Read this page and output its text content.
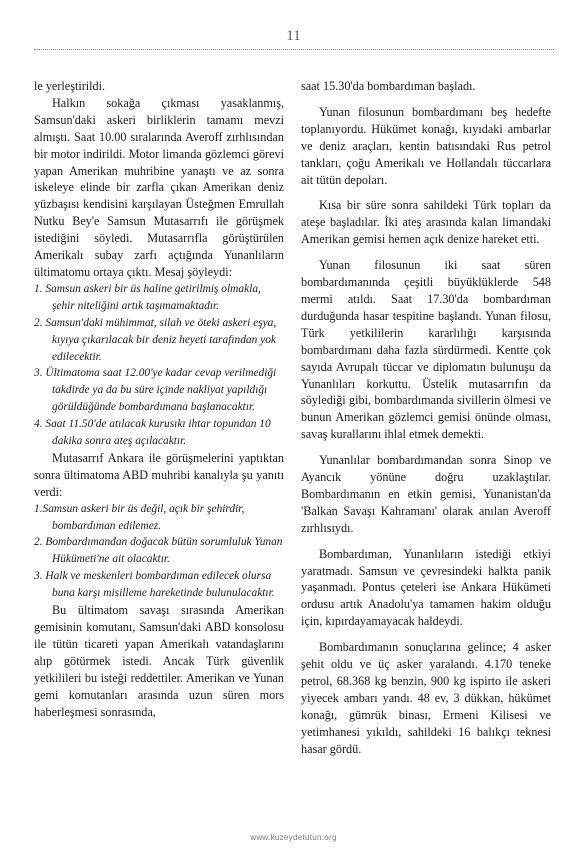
11

le yerleştirildi.

Halkın sokağa çıkması yasaklanmış, Samsun'daki askeri birliklerin tamamı mevzi almıştı. Saat 10.00 sıralarında Averoff zırhlısından bir motor indirildi. Motor limanda gözlemci görevi yapan Amerikan muhribine yanaştı ve az sonra iskeleye elinde bir zarfla çıkan Amerikan deniz yüzbaşısı kendisini karşılayan Üsteğmen Emrullah Nutku Bey'e Samsun Mutasarrıfı ile görüşmek istediğini söyledi. Mutasarrıfla görüştürülen Amerikalı subay zarfı açtığında Yunanlıların ültimatomu ortaya çıktı. Mesaj şöyleydi:

1. Samsun askeri bir üs haline getirilmiş olmakla, şehir niteliğini artık taşımamaktadır.
2. Samsun'daki mühimmat, silah ve öteki askeri eşya, kıyıya çıkarılacak bir deniz heyeti tarafından yok edilecektir.
3. Ültimatoma saat 12.00'ye kadar cevap verilmediği takdirde ya da bu süre içinde nakliyat yapıldığı görüldüğünde bombardımana başlanacaktır.
4. Saat 11.50'de atılacak kurusıkı ihtar topundan 10 dakika sonra ateş açılacaktır.

Mutasarrıf Ankara ile görüşmelerini yaptıktan sonra ültimatoma ABD muhribi kanalıyla şu yanıtı verdi:

1.Samsun askeri bir üs değil, açık bir şehirdir, bombardıman edilemez.
2. Bombardımandan doğacak bütün sorumluluk Yunan Hükümeti'ne ait olacaktır.
3. Halk ve meskenleri bombardıman edilecek olursa buna karşı misilleme hareketinde bulunulacaktır.

Bu ültimatom savaşı sırasında Amerikan gemisinin komutanı, Samsun'daki ABD konsolosu ile tütün ticareti yapan Amerikalı vatandaşlarını alıp götürmek istedi. Ancak Türk güvenlik yetkilileri bu isteği reddettiler. Amerikan ve Yunan gemi komutanları arasında uzun süren mors haberleşmesi sonrasında,

saat 15.30'da bombardıman başladı.

Yunan filosunun bombardımanı beş hedefte toplanıyordu. Hükümet konağı, kıyıdaki ambarlar ve deniz araçları, kentin batısındaki Rus petrol tankları, çoğu Amerikalı ve Hollandalı tüccarlara ait tütün depoları.

Kısa bir süre sonra sahildeki Türk topları da ateşe başladılar. İki ateş arasında kalan limandaki Amerikan gemisi hemen açık denize hareket etti.

Yunan filosunun iki saat süren bombardımanında çeşitli büyüklüklerde 548 mermi atıldı. Saat 17.30'da bombardıman durduğunda hasar tespitine başlandı. Yunan filosu, Türk yetkililerin kararlılığı karşısında bombardımanı daha fazla sürdürmedi. Kentte çok sayıda Avrupalı tüccar ve diplomatın bulunuşu da Yunanlıları korkuttu. Üstelik mutasarrıfın da söylediği gibi, bombardımanda sivillerin ölmesi ve bunun Amerikan gözlemci gemisi önünde olması, savaş kurallarını ihlal etmek demekti.

Yunanlılar bombardımandan sonra Sinop ve Ayancık yönüne doğru uzaklaştılar. Bombardımanın en etkin gemisi, Yunanistan'da 'Balkan Savaşı Kahramanı' olarak anılan Averoff zırhlısıydı.

Bombardıman, Yunanlıların istediği etkiyi yaratmadı. Samsun ve çevresindeki halkta panik yaşanmadı. Pontus çeteleri ise Ankara Hükümeti ordusu artık Anadolu'ya tamamen hakim olduğu için, kıpırdayamayacak haldeydi.

Bombardımanın sonuçlarına gelince; 4 asker şehit oldu ve üç asker yaralandı. 4.170 teneke petrol, 68.368 kg benzin, 900 kg ispirto ile askeri yiyecek ambarı yandı. 48 ev, 3 dükkan, hükümet konağı, gümrük binası, Ermeni Kilisesi ve yetimhanesi yıkıldı, sahildeki 16 balıkçı teknesi hasar gördü.

www.kuzeydetutun.org
